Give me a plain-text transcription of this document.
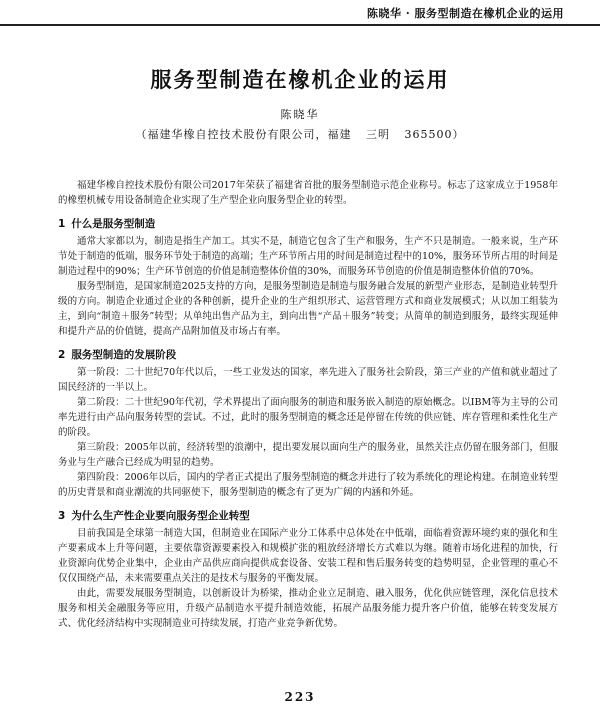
陈晓华 · 服务型制造在橡机企业的运用
服务型制造在橡机企业的运用
陈晓华
（福建华橡自控技术股份有限公司，福建 三明 365500）

福建华橡自控技术股份有限公司2017年荣获了福建省首批的服务型制造示范企业称号。标志了这家成立于1958年的橡塑机械专用设备制造企业实现了生产型企业向服务型企业的转型。

1 什么是服务型制造

通常大家都以为，制造是指生产加工。其实不是，制造它包含了生产和服务，生产不只是制造。一般来说，生产环节处于制造的低端，服务环节处于制造的高端；生产环节所占用的时间是制造过程中的10%，服务环节所占用的时间是制造过程中的90%；生产环节创造的价值是制造整体价值的30%，而服务环节创造的价值是制造整体价值的70%。

服务型制造，是国家制造2025支持的方向，是服务型制造是制造与服务融合发展的新型产业形态，是制造业转型升级的方向。制造企业通过企业的各种创新，提升企业的生产组织形式、运营管理方式和商业发展模式；从以加工组装为主，到向“制造＋服务”转型；从单纯出售产品为主，到向出售“产品＋服务”转变；从简单的制造到服务，最终实现延伸和提升产品的价值链，提高产品附加值及市场占有率。

2 服务型制造的发展阶段

第一阶段：二十世纪70年代以后，一些工业发达的国家，率先进入了服务社会阶段，第三产业的产值和就业超过了国民经济的一半以上。

第二阶段：二十世纪90年代初，学术界提出了面向服务的制造和服务嵌入制造的原始概念。以IBM等为主导的公司率先进行由产品向服务转型的尝试。不过，此时的服务型制造的概念还是停留在传统的供应链、库存管理和柔性化生产的阶段。

第三阶段：2005年以前，经济转型的浪潮中，提出要发展以面向生产的服务业，虽然关注点仍留在服务部门，但服务业与生产融合已经成为明显的趋势。

第四阶段：2006年以后，国内的学者正式提出了服务型制造的概念并进行了较为系统化的理论构建。在制造业转型的历史背景和商业潮流的共同驱使下，服务型制造的概念有了更为广阔的内涵和外延。

3 为什么生产性企业要向服务型企业转型

目前我国是全球第一制造大国，但制造业在国际产业分工体系中总体处在中低端，面临着资源环境约束的强化和生产要素成本上升等问题，主要依靠资源要素投入和规模扩张的粗放经济增长方式难以为继。随着市场化进程的加快，行业资源向优势企业集中，企业由产品供应商向提供成套设备、安装工程和售后服务转变的趋势明显，企业管理的重心不仅仅围绕产品，未来需要重点关注的是技术与服务的平衡发展。

由此，需要发展服务型制造，以创新设计为桥梁，推动企业立足制造、融入服务，优化供应链管理，深化信息技术服务和相关金融服务等应用，升级产品制造水平提升制造效能，拓展产品服务能力提升客户价值，能够在转变发展方式、优化经济结构中实现制造业可持续发展，打造产业竞争新优势。

223
